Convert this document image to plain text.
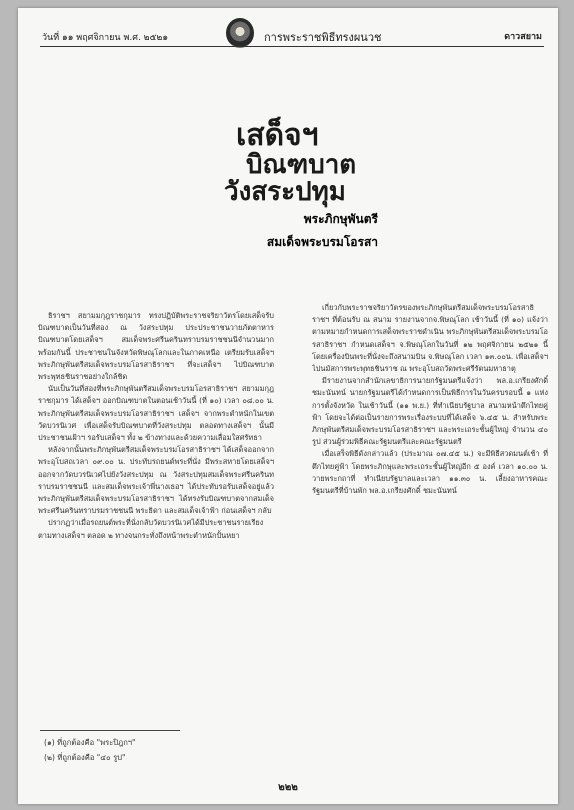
วันที่ ๑๑ พฤศจิกายน พ.ศ. ๒๕๒๑	การพระราชพิธีทรงผนวช	ดาวสยาม
เสด็จฯ
บิณฑบาต
วังสระปทุม
พระภิกษุพันตรี
สมเด็จพระบรมโอรสา

ธิราชฯ สยามมกุฎราชกุมาร ทรงปฏิบัติพระราชจริยาวัตรโดยเสด็จรับบิณฑบาตเป็นวันที่สอง ณ วังสระปทุม ประประชาชนวายภัตตาหารบิณฑบาตโดยเสด็จฯ สมเด็จพระศรีนครินทราบรมราชชนนีจำนวนมาก พร้อมกันนี้ ประชาชนในจังหวัดพิษณุโลกและในภาคเหนือ เตรียมรับเสด็จฯ พระภิกษุพันตรีสมเด็จพระบรมโอรสาธิราชฯ ที่จะเสด็จฯ ไปบิณฑบาตพระพุทธชินราชอย่างใกล้ชิด

นับเป็นวันที่สองที่พระภิกษุพันตรีสมเด็จพระบรมโอรสาธิราชฯ สยามมกุฎราชกุมาร ได้เสด็จฯ ออกบิณฑบาตในตอนเช้าวันนี้ (ที่ ๑๐) เวลา ๐๘.๐๐ น. พระภิกษุพันตรีสมเด็จพระบรมโอรสาธิราชฯ เสด็จฯ จากพระตำหนักในเขตวัดบวรนิเวศ เพื่อเสด็จรับบิณฑบาตที่วังสระปทุม ตลอดทางเสด็จฯ นั้นมีประชาชนเฝ้าฯ รอรับเสด็จฯ ทั้ง ๒ ข้างทางและด้วยความเลื่อมใสศรัทธา

หลังจากนั้นพระภิกษุพันตรีสมเด็จพระบรมโอรสาธิราชฯ ได้เสด็จออกจากพระอุโบสถเวลา ๐๙.๐๐ น. ประทับรถยนต์พระที่นั่ง มีพระสหายโดยเสด็จฯ ออกจากวัดบวรนิเวศไปยังวังสระปทุม ณ วังสระปทุมสมเด็จพระศรีนครินทราบรมราชชนนี และสมเด็จพระเจ้าพี่นางเธอฯ ได้ประทับรอรับเสด็จอยู่แล้ว พระภิกษุพันตรีสมเด็จพระบรมโอรสาธิราชฯ ได้ทรงรับบิณฑบาตจากสมเด็จพระศรีนครินทราบรมราชชนนี พระธิดา และสมเด็จเจ้าฟ้า ก่อนเสด็จฯ กลับ

ปรากฏว่าเมื่อรถยนต์พระที่นั่งกลับวัดบวรนิเวศได้มีประชาชนรายเรียงตามทางเสด็จฯ ตลอด ๒ ทางจนกระทั่งถึงหน้าพระตำหนักปั้นหยา

เกี่ยวกับพระราชจริยาวัตรของพระภิกษุพันตรีสมเด็จพระบรมโอรสาธิราชฯ ที่ต้อนรับ ณ สนาม รายงานจากจ.พิษณุโลก เช้าวันนี้ (ที่ ๑๐) แจ้งว่าตามหมายกำหนดการเสด็จพระราชดำเนิน พระภิกษุพันตรีสมเด็จพระบรมโอรสาธิราชฯ กำหนดเสด็จฯ จ.พิษณุโลกในวันที่ ๑๒ พฤศจิกายน ๒๕๒๑ นี้ โดยเครื่องบินพระที่นั่งจะถึงสนามบิน จ.พิษณุโลก เวลา ๑๓.๐๐น. เพื่อเสด็จฯ ไปนมัสการพระพุทธชินราช ณ พระอุโบสถวัดพระศรีรัตนมหาธาตุ

มีรายงานจากสำนักเลขาธิการนายกรัฐมนตรีแจ้งว่า พล.อ.เกรียงศักดิ์ ชมะนันทน์ นายกรัฐมนตรีได้กำหนดการเป็นพิธีการในวันครบรอบนี้ ๑ แห่งการตั้งจังหวัด ในเช้าวันนี้ (๑๑ พ.ย.) ที่ทำเนียบรัฐบาล สนามหน้าตึกไทยคู่ฟ้า โดยจะได้ต่อเป็นรายการพระเรื่องระบบที่ได้เสด็จ ๖.๔๕ น. สำหรับพระภิกษุพันตรีสมเด็จพระบรมโอรสาธิราชฯ และพระเถระชั้นผู้ใหญ่ จำนวน ๔๐ รูป ส่วนผู้ร่วมพิธีคณะรัฐมนตรีและคณะรัฐมนตรี

เมื่อเสร็จพิธีดังกล่าวแล้ว (ประมาณ ๐๗.๔๕ น.) จะมีพิธีสวดมนต์เช้า ที่ตึกไทยคู่ฟ้า โดยพระภิกษุและพระเถระชั้นผู้ใหญ่อีก ๕ องค์ เวลา ๑๐.๐๐ น. วายพระกถาที่ ทำเนียบรัฐบาลและเวลา ๑๑.๓๐ น. เลี้ยงอาหารคณะรัฐมนตรีที่บ้านพัก พล.อ.เกรียงศักดิ์ ชมะนันทน์

(๑) ที่ถูกต้องคือ "พระปิฎกฯ"
(๒) ที่ถูกต้องคือ "๔๐ รูป"
๒๒๒
